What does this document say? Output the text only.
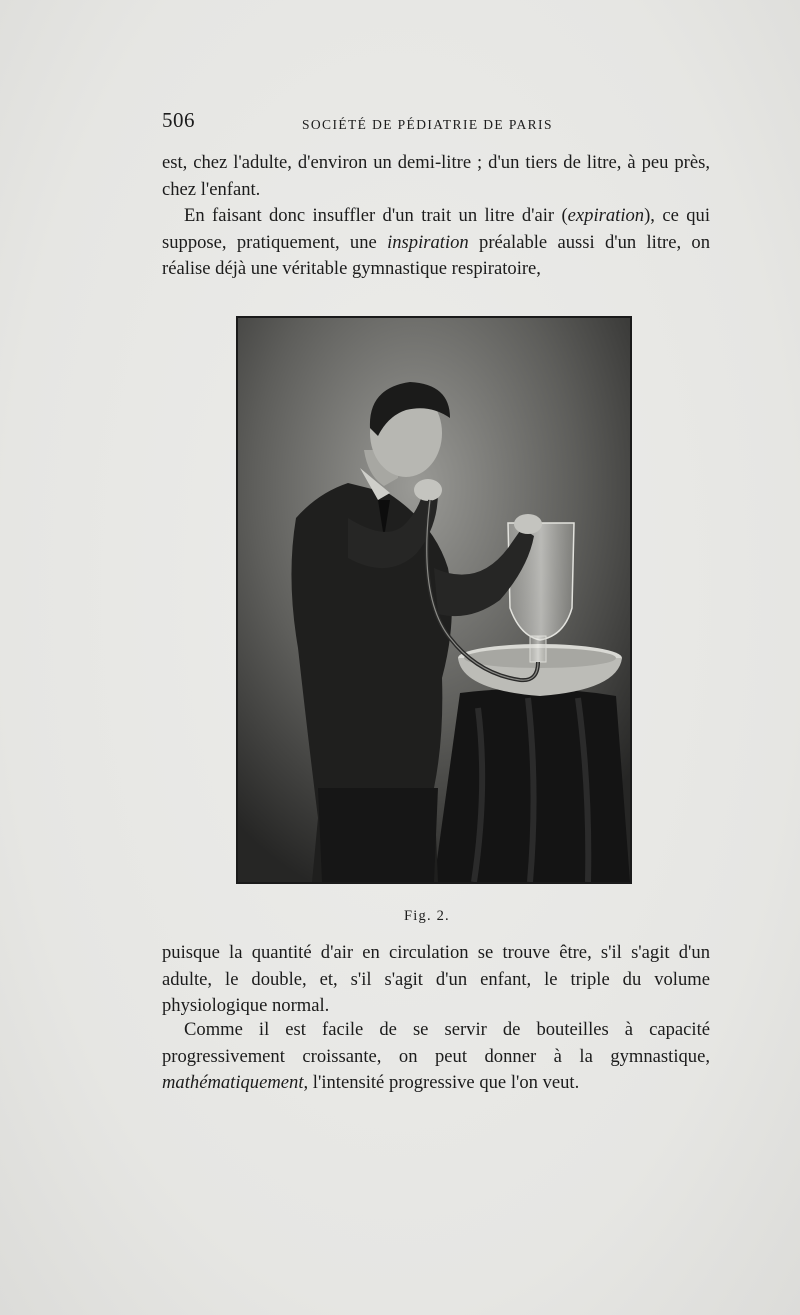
506	SOCIÉTÉ DE PÉDIATRIE DE PARIS

est, chez l'adulte, d'environ un demi-litre ; d'un tiers de litre, à peu près, chez l'enfant.

En faisant donc insuffler d'un trait un litre d'air (expiration), ce qui suppose, pratiquement, une inspiration préalable aussi d'un litre, on réalise déjà une véritable gymnastique respiratoire,

Fig. 2.

puisque la quantité d'air en circulation se trouve être, s'il s'agit d'un adulte, le double, et, s'il s'agit d'un enfant, le triple du volume physiologique normal.

Comme il est facile de se servir de bouteilles à capacité progressivement croissante, on peut donner à la gymnastique, mathématiquement, l'intensité progressive que l'on veut.
